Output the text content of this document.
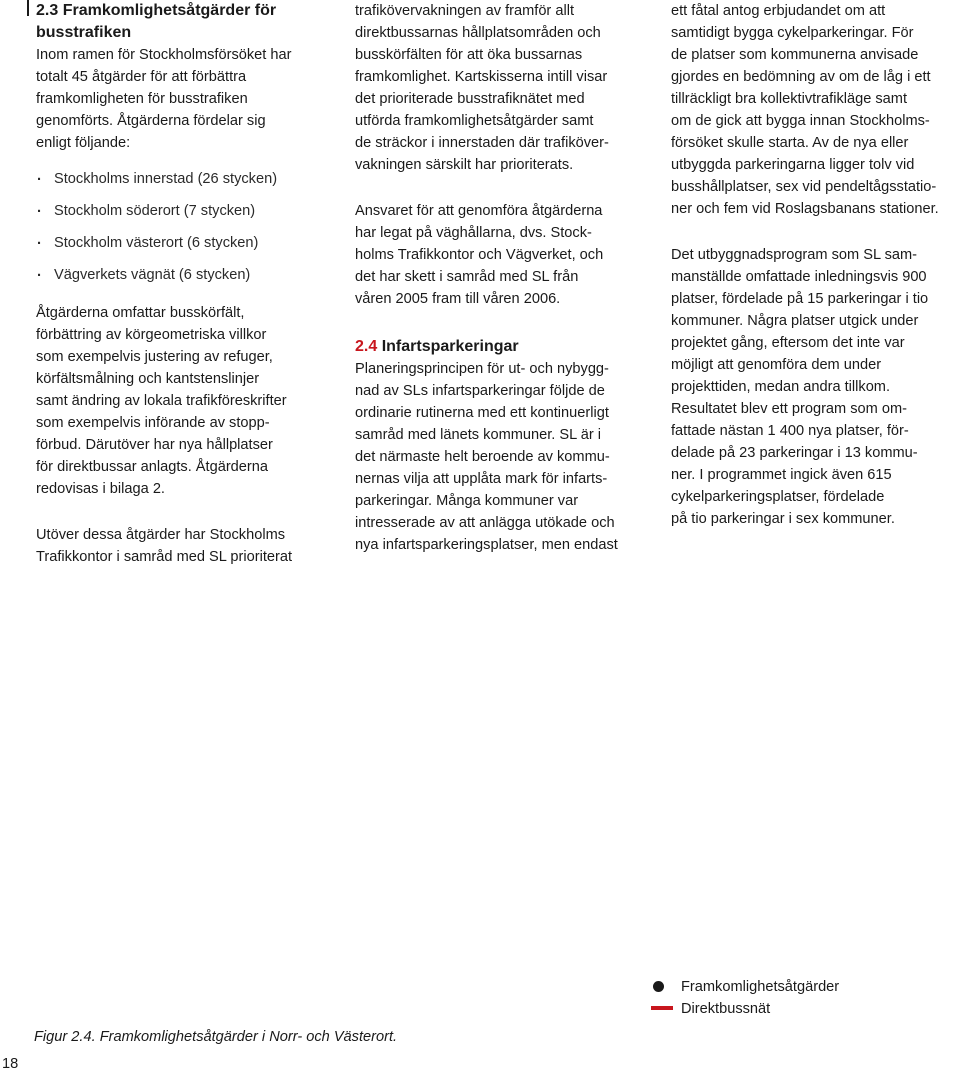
2.3 Framkomlighetsåtgärder för
busstrafiken

Inom ramen för Stockholmsförsöket har
totalt 45 åtgärder för att förbättra
framkomligheten för busstrafiken
genomförts. Åtgärderna fördelar sig
enligt följande:

· Stockholms innerstad (26 stycken)
· Stockholm söderort (7 stycken)
· Stockholm västerort (6 stycken)
· Vägverkets vägnät (6 stycken)

Åtgärderna omfattar busskörfält,
förbättring av körgeometriska villkor
som exempelvis justering av refuger,
körfältsmålning och kantstenslinjer
samt ändring av lokala trafikföreskrifter
som exempelvis införande av stopp-
förbud. Därutöver har nya hållplatser
för direktbussar anlagts. Åtgärderna
redovisas i bilaga 2.

Utöver dessa åtgärder har Stockholms
Trafikkontor i samråd med SL prioriterat

trafikövervakningen av framför allt
direktbussarnas hållplatsområden och
busskörfälten för att öka bussarnas
framkomlighet. Kartskisserna intill visar
det prioriterade busstrafiknätet med
utförda framkomlighetsåtgärder samt
de sträckor i innerstaden där trafiköver-
vakningen särskilt har prioriterats.

Ansvaret för att genomföra åtgärderna
har legat på väghållarna, dvs. Stock-
holms Trafikkontor och Vägverket, och
det har skett i samråd med SL från
våren 2005 fram till våren 2006.

2.4 Infartsparkeringar

Planeringsprincipen för ut- och nybygg-
nad av SLs infartsparkeringar följde de
ordinarie rutinerna med ett kontinuerligt
samråd med länets kommuner. SL är i
det närmaste helt beroende av kommu-
nernas vilja att upplåta mark för infarts-
parkeringar. Många kommuner var
intresserade av att anlägga utökade och
nya infartsparkeringsplatser, men endast

ett fåtal antog erbjudandet om att
samtidigt bygga cykelparkeringar. För
de platser som kommunerna anvisade
gjordes en bedömning av om de låg i ett
tillräckligt bra kollektivtrafikläge samt
om de gick att bygga innan Stockholms-
försöket skulle starta. Av de nya eller
utbyggda parkeringarna ligger tolv vid
busshållplatser, sex vid pendeltågsstatio-
ner och fem vid Roslagsbanans stationer.

Det utbyggnadsprogram som SL sam-
manställde omfattade inledningsvis 900
platser, fördelade på 15 parkeringar i tio
kommuner. Några platser utgick under
projektet gång, eftersom det inte var
möjligt att genomföra dem under
projekttiden, medan andra tillkom.
Resultatet blev ett program som om-
fattade nästan 1 400 nya platser, för-
delade på 23 parkeringar i 13 kommu-
ner. I programmet ingick även 615
cykelparkeringsplatser, fördelade
på tio parkeringar i sex kommuner.

Framkomlighetsåtgärder
Direktbussnät
Figur 2.4. Framkomlighetsåtgärder i Norr- och Västerort.
18
